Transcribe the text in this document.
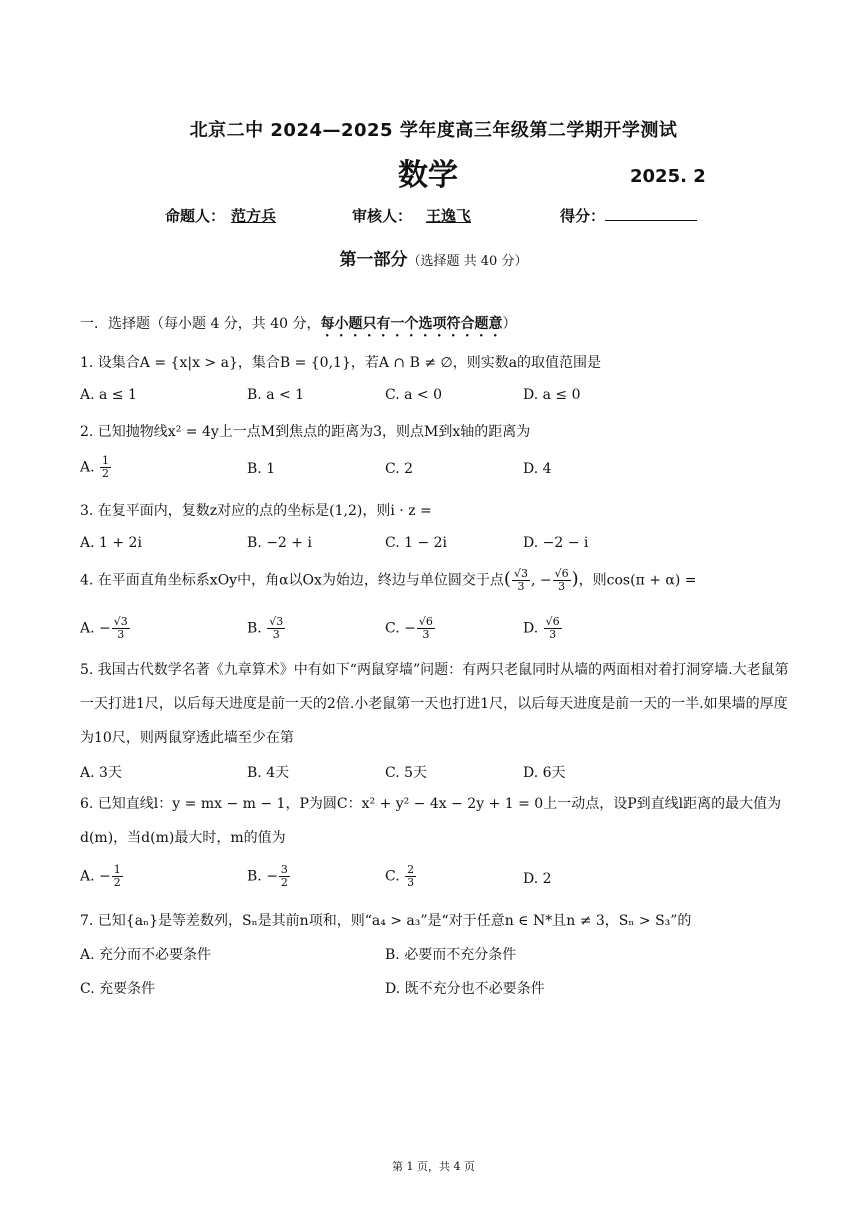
北京二中 2024—2025 学年度高三年级第二学期开学测试
数学	2025. 2
命题人： 范方兵	审核人： 王逸飞	得分：
第一部分（选择题 共 40 分）
一．选择题（每小题 4 分，共 40 分，每小题只有一个选项符合题意）
1. 设集合A = {x|x > a}，集合B = {0,1}，若A ∩ B ≠ ∅，则实数a的取值范围是
A. a ≤ 1	B. a < 1	C. a < 0	D. a ≤ 0
2. 已知抛物线x² = 4y上一点M到焦点的距离为3，则点M到x轴的距离为
A. $\frac{1}{2}$	B. 1	C. 2	D. 4
3. 在复平面内，复数z对应的点的坐标是(1,2)，则i · z =
A. 1 + 2i	B. −2 + i	C. 1 − 2i	D. −2 − i
4. 在平面直角坐标系xOy中，角α以Ox为始边，终边与单位圆交于点( $\frac{√3}{3}$ , − $\frac{√6}{3}$ )，则cos(π + α) =
A. − $\frac{√3}{3}$	B. $\frac{√3}{3}$	C. − $\frac{√6}{3}$	D. $\frac{√6}{3}$
5. 我国古代数学名著《九章算术》中有如下“两鼠穿墙”问题：有两只老鼠同时从墙的两面相对着打洞穿墙.大老鼠第一天打进1尺，以后每天进度是前一天的2倍.小老鼠第一天也打进1尺，以后每天进度是前一天的一半.如果墙的厚度为10尺，则两鼠穿透此墙至少在第
A. 3天	B. 4天	C. 5天	D. 6天
6. 已知直线l：y = mx − m − 1，P为圆C：x² + y² − 4x − 2y + 1 = 0上一动点，设P到直线l距离的最大值为d(m)，当d(m)最大时，m的值为
A. − $\frac{1}{2}$	B. − $\frac{3}{2}$	C. $\frac{2}{3}$	D. 2
7. 已知{aₙ}是等差数列，Sₙ是其前n项和，则“a₄ > a₃”是“对于任意n ∈ N*且n ≠ 3，Sₙ > S₃”的
A. 充分而不必要条件	B. 必要而不充分条件
C. 充要条件	D. 既不充分也不必要条件
第 1 页，共 4 页
